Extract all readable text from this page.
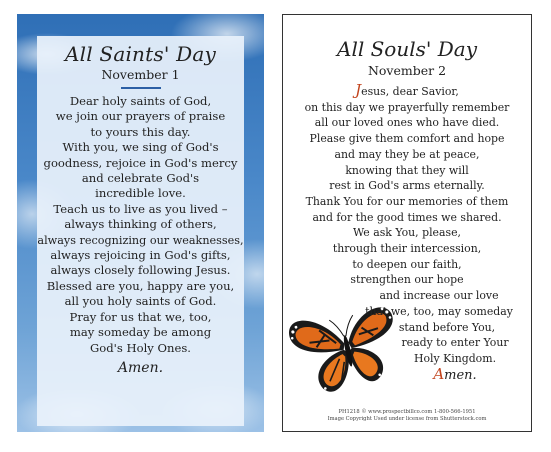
All Saints' Day
November 1
Dear holy saints of God,
we join our prayers of praise
to yours this day.
With you, we sing of God's
goodness, rejoice in God's mercy
and celebrate God's
incredible love.
Teach us to live as you lived –
always thinking of others,
always recognizing our weaknesses,
always rejoicing in God's gifts,
always closely following Jesus.
Blessed are you, happy are you,
all you holy saints of God.
Pray for us that we, too,
may someday be among
God's Holy Ones.
Amen.
All Souls' Day
November 2
Jesus, dear Savior,
on this day we prayerfully remember
all our loved ones who have died.
Please give them comfort and hope
and may they be at peace,
knowing that they will
rest in God's arms eternally.
Thank You for our memories of them
and for the good times we shared.
We ask You, please,
through their intercession,
to deepen our faith,
strengthen our hope
and increase our love
that we, too, may someday
stand before You,
ready to enter Your
Holy Kingdom.
Amen.
PH1218 © www.prospectbillco.com 1-800-566-1951
Image Copyright Used under license from Shutterstock.com
